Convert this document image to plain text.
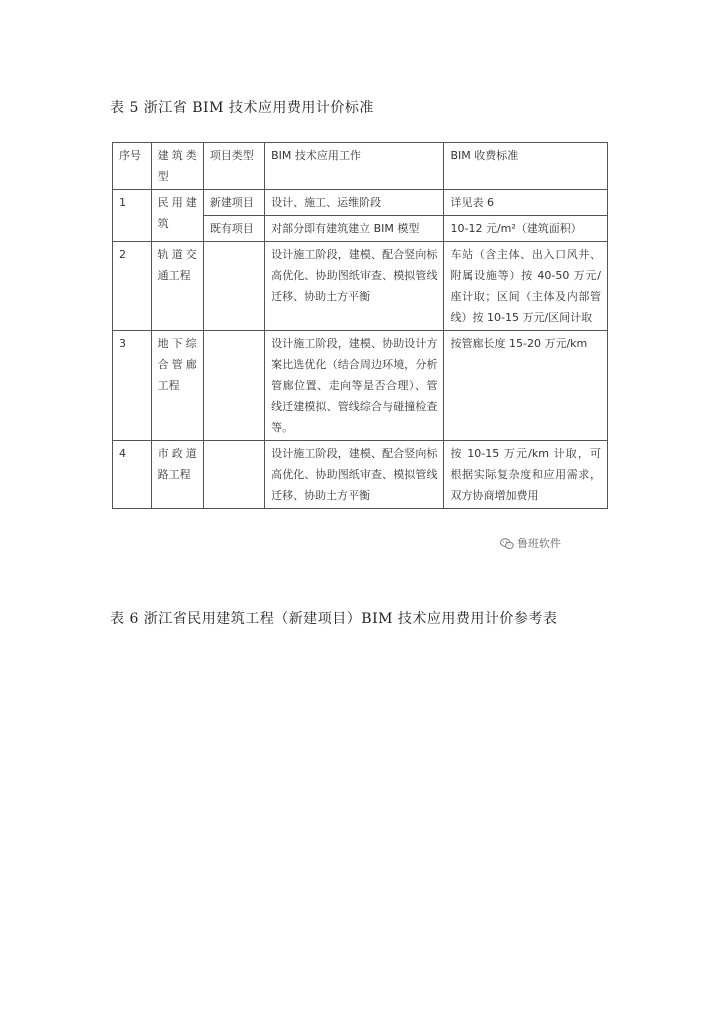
表 5 浙江省 BIM 技术应用费用计价标准
序号	建筑类型	项目类型	BIM 技术应用工作	BIM 收费标准
1	民用建筑	新建项目	设计、施工、运维阶段	详见表 6
		既有项目	对部分即有建筑建立 BIM 模型	10-12 元/m²（建筑面积）
2	轨道交通工程		设计施工阶段，建模、配合竖向标高优化、协助图纸审查、模拟管线迁移、协助土方平衡	车站（含主体、出入口风井、附属设施等）按 40-50 万元/座计取；区间（主体及内部管线）按 10-15 万元/区间计取
3	地下综合管廊工程		设计施工阶段，建模、协助设计方案比选优化（结合周边环境，分析管廊位置、走向等是否合理）、管线迁建模拟、管线综合与碰撞检查等。	按管廊长度 15-20 万元/km
4	市政道路工程		设计施工阶段，建模、配合竖向标高优化、协助图纸审查、模拟管线迁移、协助土方平衡	按 10-15 万元/km 计取，可根据实际复杂度和应用需求，双方协商增加费用
鲁班软件
表 6 浙江省民用建筑工程（新建项目）BIM 技术应用费用计价参考表
